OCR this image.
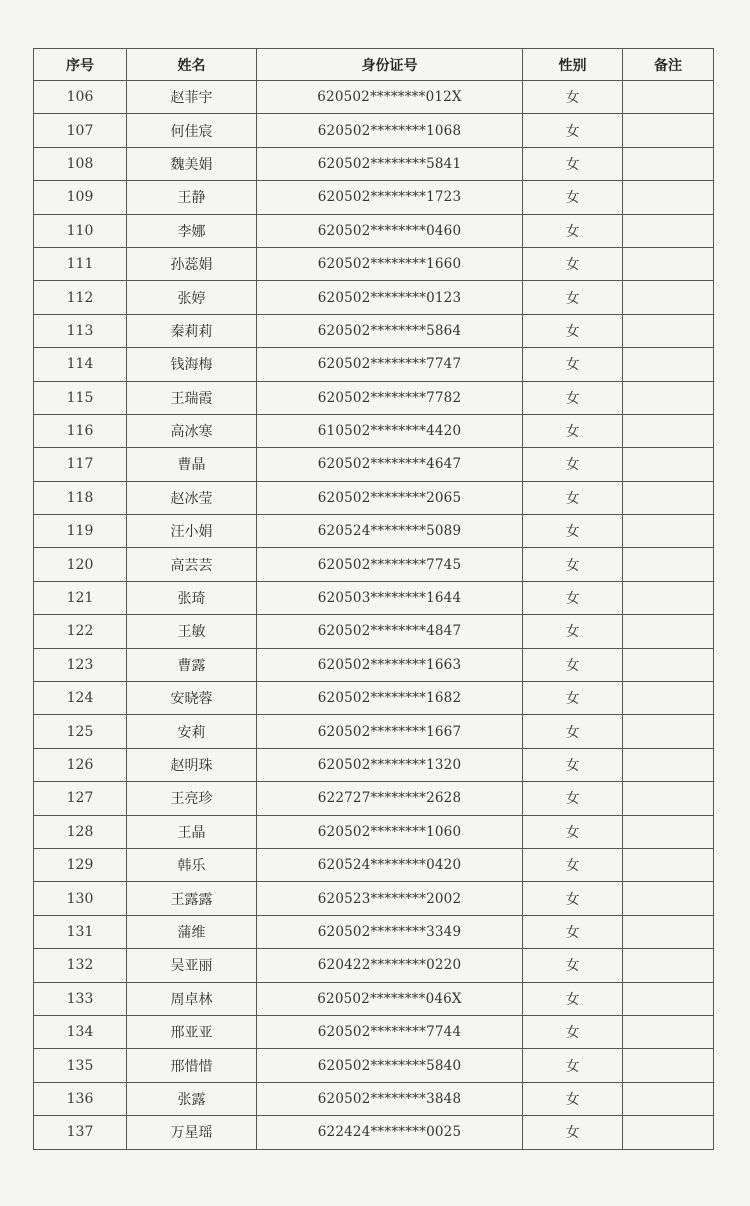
序号	姓名	身份证号	性别	备注
106	赵菲宇	620502********012X	女	
107	何佳宸	620502********1068	女	
108	魏美娟	620502********5841	女	
109	王静	620502********1723	女	
110	李娜	620502********0460	女	
111	孙蕊娟	620502********1660	女	
112	张婷	620502********0123	女	
113	秦莉莉	620502********5864	女	
114	钱海梅	620502********7747	女	
115	王瑞霞	620502********7782	女	
116	高冰寒	610502********4420	女	
117	曹晶	620502********4647	女	
118	赵冰莹	620502********2065	女	
119	汪小娟	620524********5089	女	
120	高芸芸	620502********7745	女	
121	张琦	620503********1644	女	
122	王敏	620502********4847	女	
123	曹露	620502********1663	女	
124	安晓蓉	620502********1682	女	
125	安莉	620502********1667	女	
126	赵明珠	620502********1320	女	
127	王亮珍	622727********2628	女	
128	王晶	620502********1060	女	
129	韩乐	620524********0420	女	
130	王露露	620523********2002	女	
131	蒲维	620502********3349	女	
132	吴亚丽	620422********0220	女	
133	周卓林	620502********046X	女	
134	邢亚亚	620502********7744	女	
135	邢惜惜	620502********5840	女	
136	张露	620502********3848	女	
137	万星瑶	622424********0025	女	
